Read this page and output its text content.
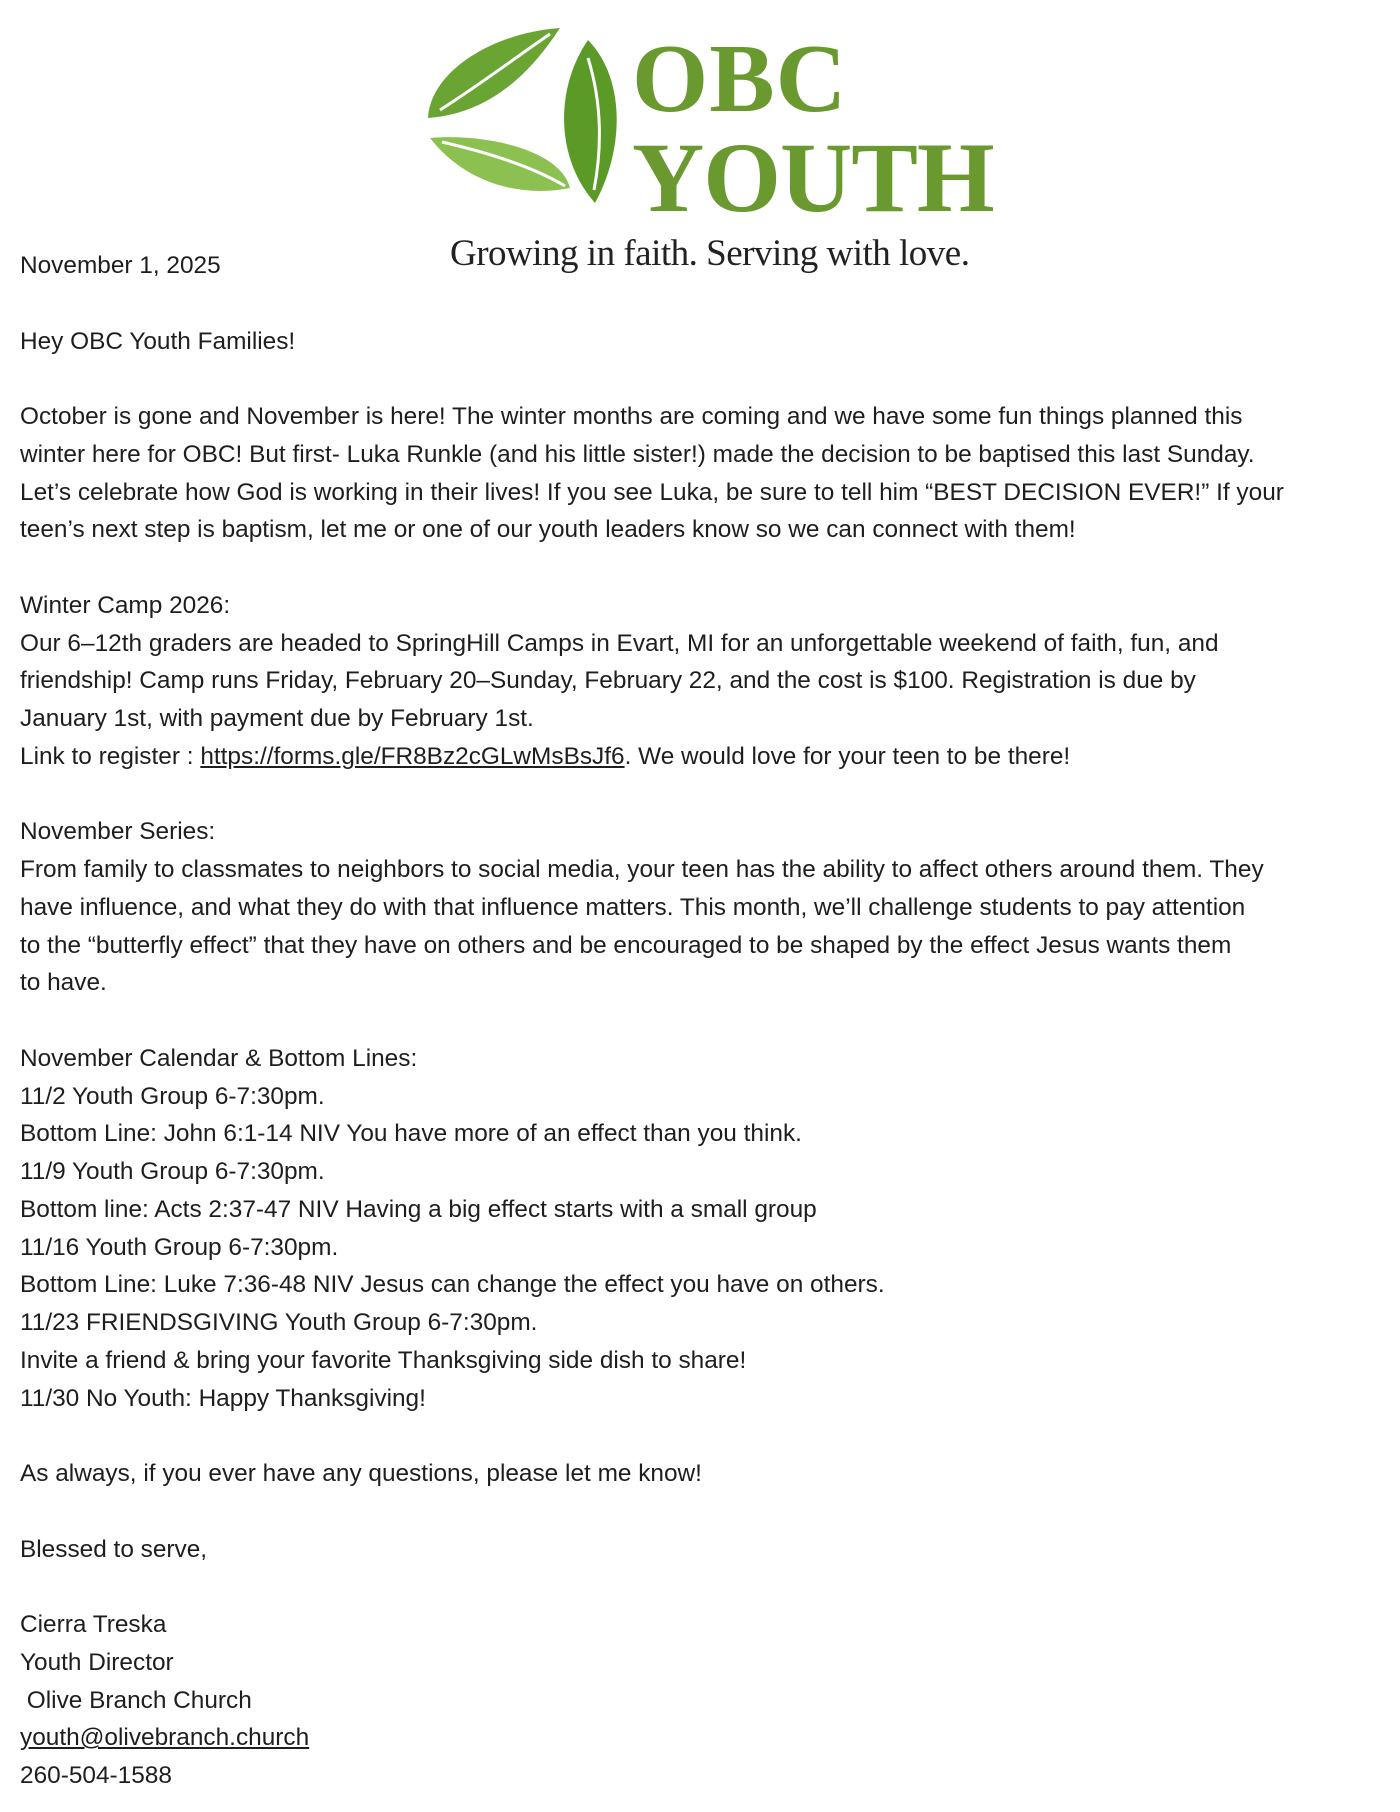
OBC
YOUTH
Growing in faith. Serving with love.
November 1, 2025
Hey OBC Youth Families!
October is gone and November is here! The winter months are coming and we have some fun things planned this
winter here for OBC! But first- Luka Runkle (and his little sister!) made the decision to be baptised this last Sunday.
Let’s celebrate how God is working in their lives! If you see Luka, be sure to tell him “BEST DECISION EVER!” If your
teen’s next step is baptism, let me or one of our youth leaders know so we can connect with them!
Winter Camp 2026:
Our 6–12th graders are headed to SpringHill Camps in Evart, MI for an unforgettable weekend of faith, fun, and
friendship! Camp runs Friday, February 20–Sunday, February 22, and the cost is $100. Registration is due by
January 1st, with payment due by February 1st.
Link to register : https://forms.gle/FR8Bz2cGLwMsBsJf6. We would love for your teen to be there!
November Series:
From family to classmates to neighbors to social media, your teen has the ability to affect others around them. They
have influence, and what they do with that influence matters. This month, we’ll challenge students to pay attention
to the “butterfly effect” that they have on others and be encouraged to be shaped by the effect Jesus wants them
to have.
November Calendar & Bottom Lines:
11/2 Youth Group 6-7:30pm.
Bottom Line: John 6:1-14 NIV You have more of an effect than you think.
11/9 Youth Group 6-7:30pm.
Bottom line: Acts 2:37-47 NIV Having a big effect starts with a small group
11/16 Youth Group 6-7:30pm.
Bottom Line: Luke 7:36-48 NIV Jesus can change the effect you have on others.
11/23 FRIENDSGIVING Youth Group 6-7:30pm.
Invite a friend & bring your favorite Thanksgiving side dish to share!
11/30 No Youth: Happy Thanksgiving!
As always, if you ever have any questions, please let me know!
Blessed to serve,
Cierra Treska
Youth Director
Olive Branch Church
youth@olivebranch.church
260-504-1588
